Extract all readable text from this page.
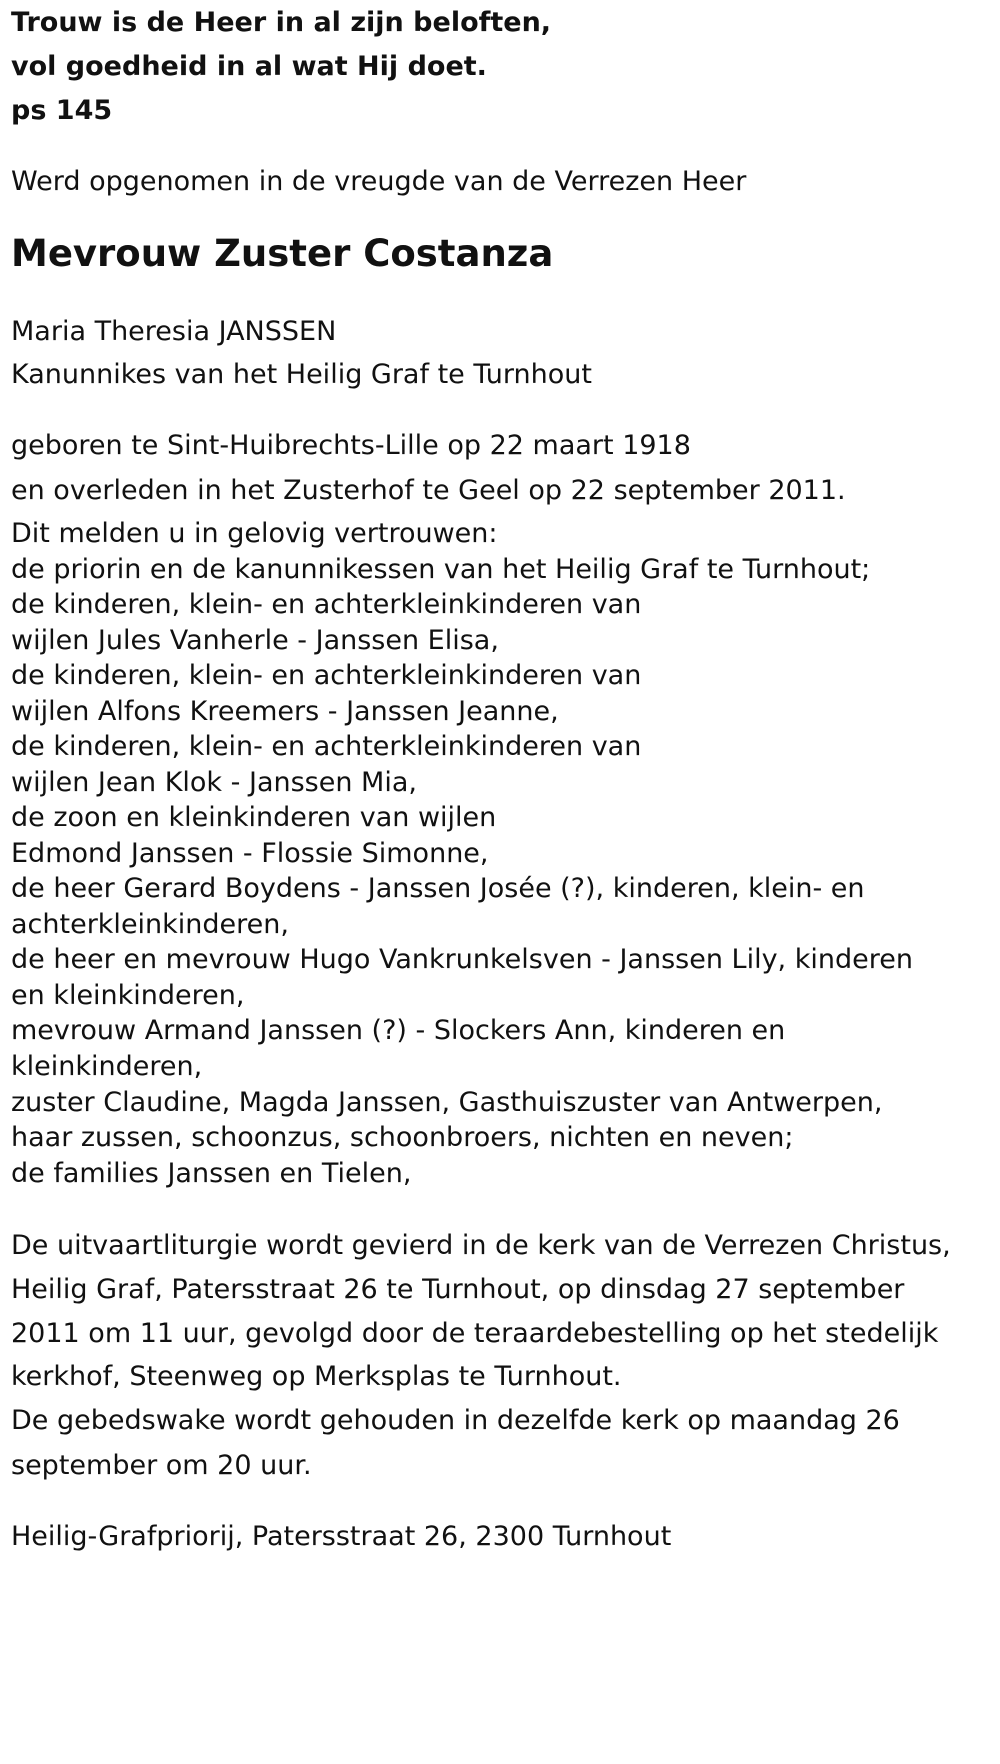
Trouw is de Heer in al zijn beloften,
vol goedheid in al wat Hij doet.
ps 145
Werd opgenomen in de vreugde van de Verrezen Heer
Mevrouw Zuster Costanza
Maria Theresia JANSSEN
Kanunnikes van het Heilig Graf te Turnhout
geboren te Sint-Huibrechts-Lille op 22 maart 1918
en overleden in het Zusterhof te Geel op 22 september 2011.
Dit melden u in gelovig vertrouwen:
de priorin en de kanunnikessen van het Heilig Graf te Turnhout;
de kinderen, klein- en achterkleinkinderen van
wijlen Jules Vanherle - Janssen Elisa,
de kinderen, klein- en achterkleinkinderen van
wijlen Alfons Kreemers - Janssen Jeanne,
de kinderen, klein- en achterkleinkinderen van
wijlen Jean Klok - Janssen Mia,
de zoon en kleinkinderen van wijlen
Edmond Janssen - Flossie Simonne,
de heer Gerard Boydens - Janssen Josée (?), kinderen, klein- en
achterkleinkinderen,
de heer en mevrouw Hugo Vankrunkelsven - Janssen Lily, kinderen
en kleinkinderen,
mevrouw Armand Janssen (?) - Slockers Ann, kinderen en
kleinkinderen,
zuster Claudine, Magda Janssen, Gasthuiszuster van Antwerpen,
haar zussen, schoonzus, schoonbroers, nichten en neven;
de families Janssen en Tielen,
De uitvaartliturgie wordt gevierd in de kerk van de Verrezen Christus,
Heilig Graf, Patersstraat 26 te Turnhout, op dinsdag 27 september
2011 om 11 uur, gevolgd door de teraardebestelling op het stedelijk
kerkhof, Steenweg op Merksplas te Turnhout.
De gebedswake wordt gehouden in dezelfde kerk op maandag 26
september om 20 uur.
Heilig-Grafpriorij, Patersstraat 26, 2300 Turnhout
